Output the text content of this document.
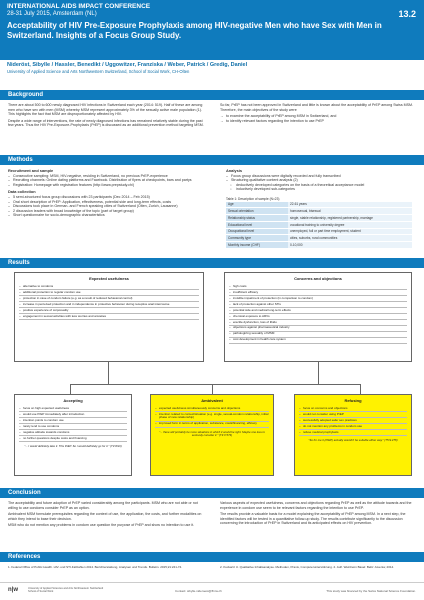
INTERNATIONAL AIDS IMPACT CONFERENCE
28-31 July 2015, Amsterdam (NL)	13.2
Acceptability of HIV Pre-Exposure Prophylaxis among HIV-negative Men who have Sex with Men in Switzerland. Insights of a Focus Group Study.
Nideröst, Sibylle / Hassler, Benedikt / Uggowitzer, Franziska / Weber, Patrick / Gredig, Daniel
University of Applied Science and Arts Northwestern Switzerland, School of Social Work, CH-Olten
Background

There are about 500 to 600 newly diagnosed HIV infections in Switzerland each year (2014: 519). Half of these are among men who have sex with men (MSM) whereby MSM represent approximately 3% of the sexually active male population (1). This highlights the fact that MSM are disproportionately affected by HIV.

Despite a wide range of interventions, the rate of newly diagnosed infections has remained relatively stable during the past few years. Thus the HIV Pre-Exposure-Prophylaxis (PrEP) is discussed as an additional prevention method targeting MSM.

So far, PrEP has not been approved in Switzerland and little is known about the acceptability of PrEP among Swiss MSM. Therefore, the main objectives of the study were

→ to examine the acceptability of PrEP among MSM in Switzerland, and
→ to identify relevant factors regarding the intention to use PrEP
Methods
Recruitment and sample
– Consecutive sampling: MSM, HIV-negative, residing in Switzerland, no previous PrEP-experience
– Recruiting channels: Online dating platforms and Facebook. Distribution of flyers at checkpoints, bars and partys
– Registration: Homepage with registration features (http://www.prepstudy.ch/)
Data collection
– 5 semi-structured focus group discussions with 23 participants (Dec 2014 – Feb 2015)
– Oral short description of PrEP: Application, effectiveness, potential side and long-term effects, costs
– Discussions took place in German- and French speaking cities of Switzerland (Olten, Zurich, Lausanne)
– 2 discussion leaders with broad knowledge of the topic (part of target group)
– Short questionnaire for socio-demographic characteristics
Analysis
– Focus group discussions were digitally recorded and fully transcribed
– Structuring qualitative content analysis (2)
○ deductively developed categories on the basis of a theoretical acceptance model
○ inductively developed sub-categories
Table 1: Description of sample (N=23)
Age	22-61 years
Sexual orientation	homosexual, bisexual
Relationship status	single, stable relationship, registered partnership, marriage
Educational level	vocational training to university degree
Occupational level	unemployed, full or part time employment, student
Community type	cities, suburbs, rural communities
Monthly income (CHF)	0-10,000
Results
Expected usefulness
– alternative to condoms
– additional protection to regular condom use
– protection in case of condom failure (e.g. as a result of reduced behavioral control)
– increase in perceived protection and in independence in protective behaviour during receptive anal intercourse
– positive experience of corporeality
– engagement in sexual activities with less worries and anxieties
Concerns and objections
– high costs
– insufficient efficacy
– invisible impairment of protection (in comparison to condom)
– lack of protection against other STIs
– potential side and medical long-term effects
– chemical exposure to ARVs
– erectile dysfunction, loss of libido
– objections against pharmaceutical industry
– pathologizing sexuality of MSM
– cost development in health care system
Accepting
– focus on high expected usefulness
– would use PrEP immediately after introduction
– intention points to condom use
– rarely tend to use condoms
– negative attitude towards condoms
– no further questions despite costs and financing
"... I would definitely take it. This PrEP. So I would definitely go for it." (T3:W31)
Ambivalent
– expected usefulness simultaneously concerns and objections
– intention related to context/situation (e.g. single, sexual-condom relationship, initial phase of new relationship)
– improved form in terms of application, substance, costs/financing, efficacy
"... there will probably be more situations in which it would be right. Maybe one less to seriously consider it." (T3:V:574)
Refusing
– focus on concerns and objections
– would not consider using PrEP
– successfully adopted safer sex practices
– do not mention any problems in condom use
– refuse medical prophylaxis
"So for me it (PrEP) actually wouldn't be suitable either way." (T5:S:478)
Conclusion

The acceptability and future adoption of PrEP varied considerably among the participants. MSM who are not able or not willing to use condoms consider PrEP as an option.

Ambivalent MSM formulate prerequisites regarding the context of use, the application, the costs, and further modalities on which they intend to base their decision.

MSM who do not mention any problems in condom use question the purpose of PrEP and show no intention to use it.

Various aspects of expected usefulness, concerns and objections regarding PrEP as well as the attitude towards and the experience in condom use seem to be relevant factors regarding the intention to use PrEP.

The results provide a valuable basis for a model explaining the acceptability of PrEP among MSM. In a next step, the identified factors will be tested in a quantitative follow-up study. The results contribute significantly to the discussion concerning the introduction of PrEP in Switzerland and its anticipated effects on HIV prevention.

References
1. Federal Office of Public Health. HIV- und STI-Fallzahlen 2014. Berichterstattung, Analysen und Trends. Bulletin. 2015;21:241-74.	2. Kuckartz U. Qualitative Inhaltsanalyse. Methoden, Praxis, Computerunterstützung. 2. Aufl. Weinheim Basel: Beltz Juventa; 2014.
n|w	University of Applied Sciences and Arts Northwestern Switzerland School of Social Work	Contact: sibylle.nideroest@fhnw.ch	This study was financed by the Swiss National Science Foundation.
